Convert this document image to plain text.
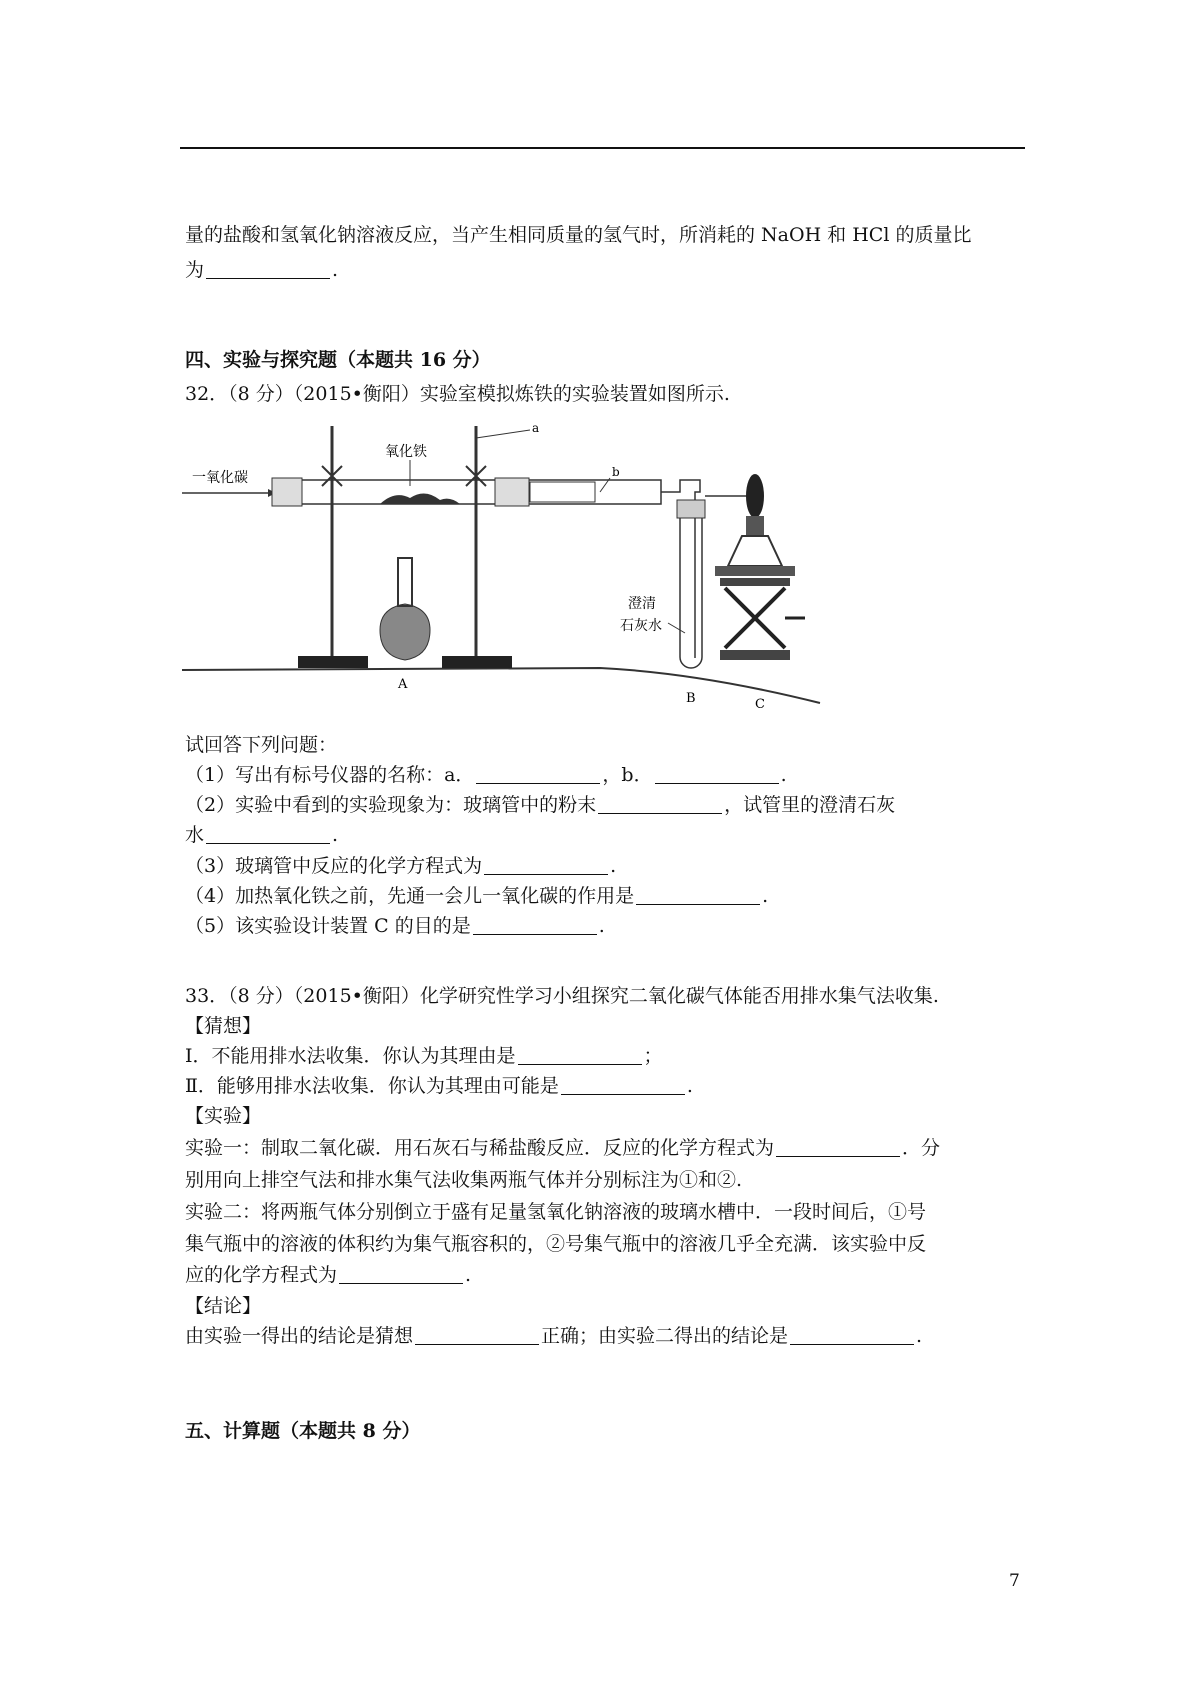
量的盐酸和氢氧化钠溶液反应，当产生相同质量的氢气时，所消耗的 NaOH 和 HCl 的质量比
为	.
四、实验与探究题（本题共 16 分）
32．（8 分）（2015•衡阳）实验室模拟炼铁的实验装置如图所示.
一氧化碳
氧化铁
a
b
A
澄清
石灰水
B	C
试回答下列问题：
（1）写出有标号仪器的名称：a．	，b．	.
（2）实验中看到的实验现象为：玻璃管中的粉末	，试管里的澄清石灰
水	.
（3）玻璃管中反应的化学方程式为	.
（4）加热氧化铁之前，先通一会儿一氧化碳的作用是	.
（5）该实验设计装置 C 的目的是	.
33．（8 分）（2015•衡阳）化学研究性学习小组探究二氧化碳气体能否用排水集气法收集.
【猜想】
Ⅰ．不能用排水法收集．你认为其理由是	；
Ⅱ．能够用排水法收集．你认为其理由可能是	.
【实验】
实验一：制取二氧化碳．用石灰石与稀盐酸反应．反应的化学方程式为	．分
别用向上排空气法和排水集气法收集两瓶气体并分别标注为①和②.
实验二：将两瓶气体分别倒立于盛有足量氢氧化钠溶液的玻璃水槽中．一段时间后，①号
集气瓶中的溶液的体积约为集气瓶容积的，②号集气瓶中的溶液几乎全充满．该实验中反
应的化学方程式为	.
【结论】
由实验一得出的结论是猜想	正确；由实验二得出的结论是	.
五、计算题（本题共 8 分）
7
